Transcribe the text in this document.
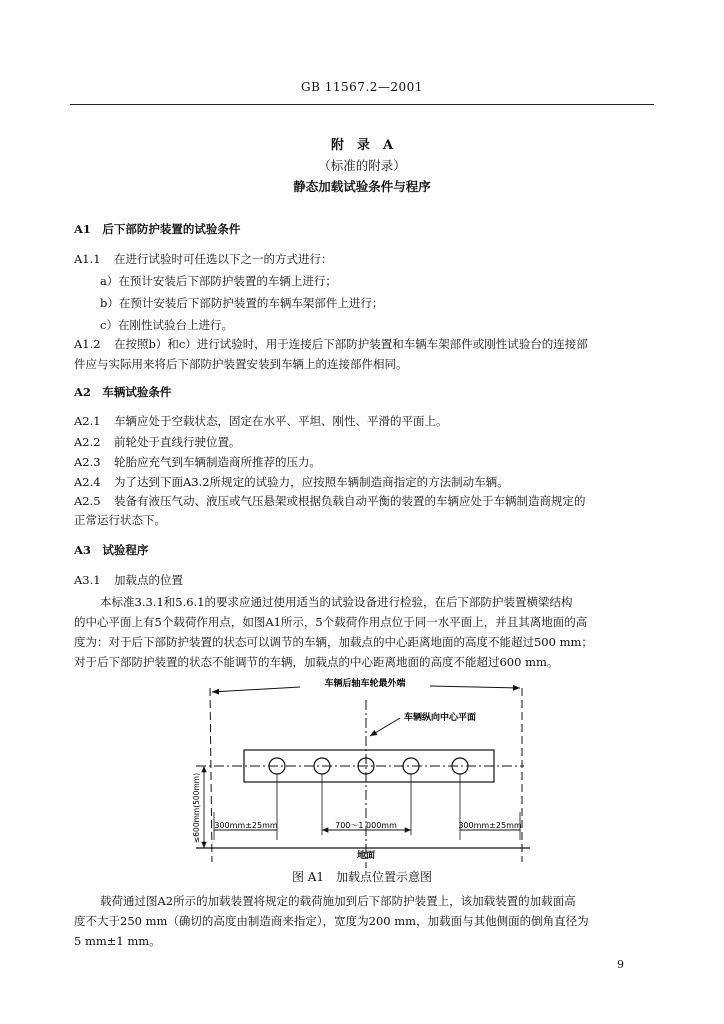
GB 11567.2—2001
附　录　A
（标准的附录）
静态加载试验条件与程序
A1　后下部防护装置的试验条件
A1.1 在进行试验时可任选以下之一的方式进行：
a）在预计安装后下部防护装置的车辆上进行；
b）在预计安装后下部防护装置的车辆车架部件上进行；
c）在刚性试验台上进行。
A1.2 在按照b）和c）进行试验时，用于连接后下部防护装置和车辆车架部件或刚性试验台的连接部
件应与实际用来将后下部防护装置安装到车辆上的连接部件相同。
A2　车辆试验条件
A2.1 车辆应处于空载状态，固定在水平、平坦、刚性、平滑的平面上。
A2.2 前轮处于直线行驶位置。
A2.3 轮胎应充气到车辆制造商所推荐的压力。
A2.4 为了达到下面A3.2所规定的试验力，应按照车辆制造商指定的方法制动车辆。
A2.5 装备有液压气动、液压或气压悬架或根据负载自动平衡的装置的车辆应处于车辆制造商规定的
正常运行状态下。
A3　试验程序
A3.1 加载点的位置
本标准3.3.1和5.6.1的要求应通过使用适当的试验设备进行检验，在后下部防护装置横梁结构
的中心平面上有5个载荷作用点，如图A1所示，5个载荷作用点位于同一水平面上，并且其离地面的高
度为：对于后下部防护装置的状态可以调节的车辆，加载点的中心距离地面的高度不能超过500 mm；
对于后下部防护装置的状态不能调节的车辆，加载点的中心距离地面的高度不能超过600 mm。
车辆后轴车轮最外端
车辆纵向中心平面
300mm±25mm	700～1 000mm	300mm±25mm
≤600mm(500mm)
地面
图 A1　加载点位置示意图
载荷通过图A2所示的加载装置将规定的载荷施加到后下部防护装置上，该加载装置的加载面高
度不大于250 mm（确切的高度由制造商来指定），宽度为200 mm，加载面与其他侧面的倒角直径为
5 mm±1 mm。
9
